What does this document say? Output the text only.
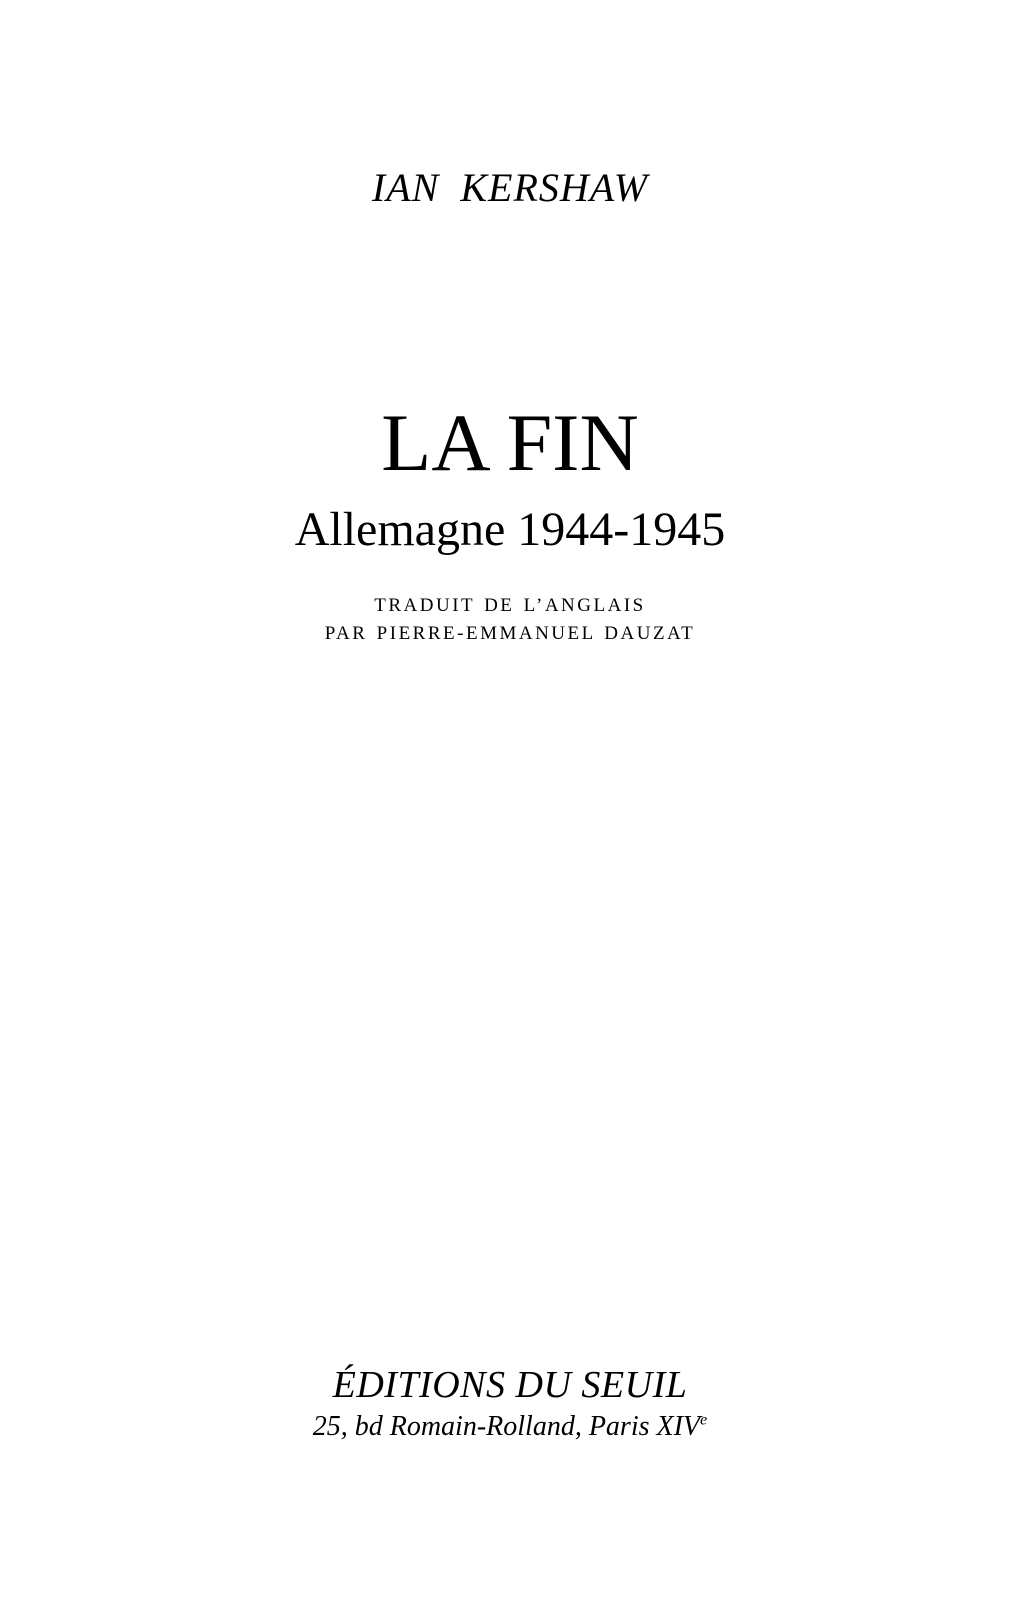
IAN KERSHAW
LA FIN
Allemagne 1944-1945
TRADUIT DE L’ANGLAIS
PAR PIERRE-EMMANUEL DAUZAT
ÉDITIONS DU SEUIL
25, bd Romain-Rolland, Paris XIVe
